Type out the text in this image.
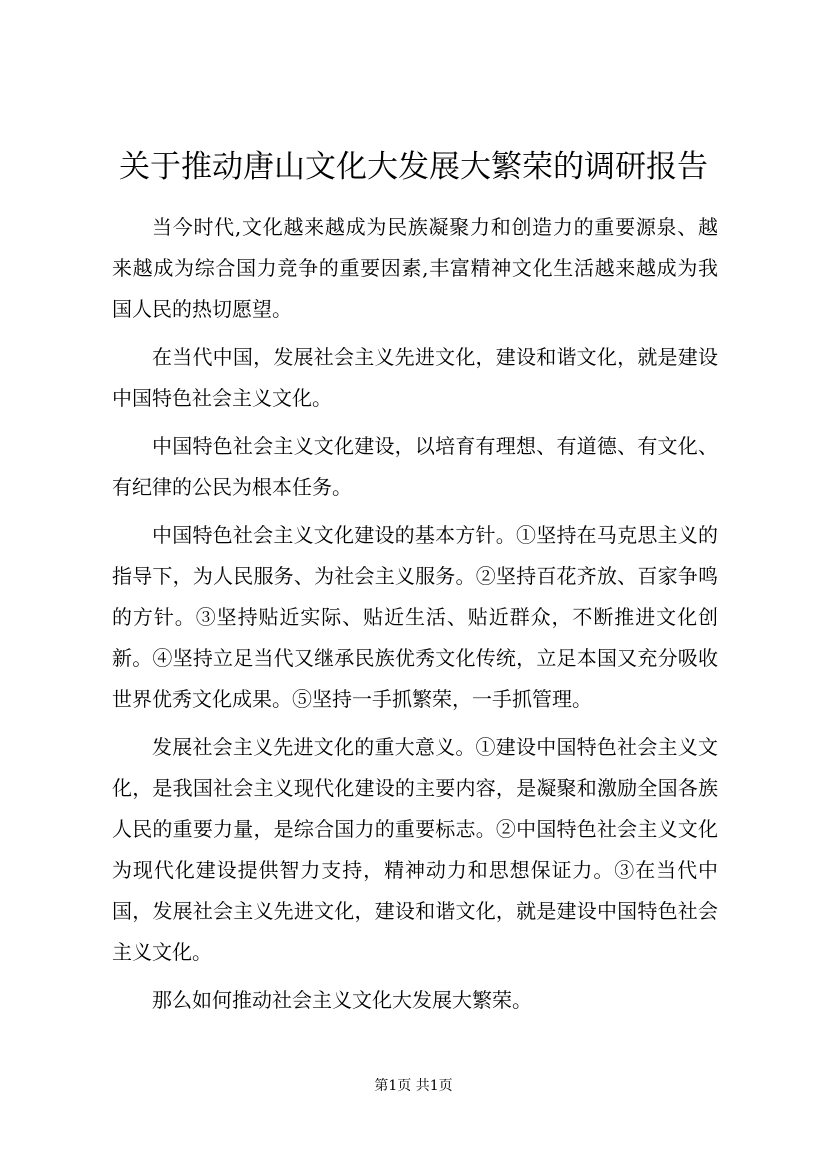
关于推动唐山文化大发展大繁荣的调研报告

当今时代,文化越来越成为民族凝聚力和创造力的重要源泉、越来越成为综合国力竞争的重要因素,丰富精神文化生活越来越成为我国人民的热切愿望。

在当代中国，发展社会主义先进文化，建设和谐文化，就是建设中国特色社会主义文化。

中国特色社会主义文化建设，以培育有理想、有道德、有文化、有纪律的公民为根本任务。

中国特色社会主义文化建设的基本方针。①坚持在马克思主义的指导下，为人民服务、为社会主义服务。②坚持百花齐放、百家争鸣的方针。③坚持贴近实际、贴近生活、贴近群众，不断推进文化创新。④坚持立足当代又继承民族优秀文化传统，立足本国又充分吸收世界优秀文化成果。⑤坚持一手抓繁荣，一手抓管理。

发展社会主义先进文化的重大意义。①建设中国特色社会主义文化，是我国社会主义现代化建设的主要内容，是凝聚和激励全国各族人民的重要力量，是综合国力的重要标志。②中国特色社会主义文化为现代化建设提供智力支持，精神动力和思想保证力。③在当代中国，发展社会主义先进文化，建设和谐文化，就是建设中国特色社会主义文化。

那么如何推动社会主义文化大发展大繁荣。

第1页 共1页
